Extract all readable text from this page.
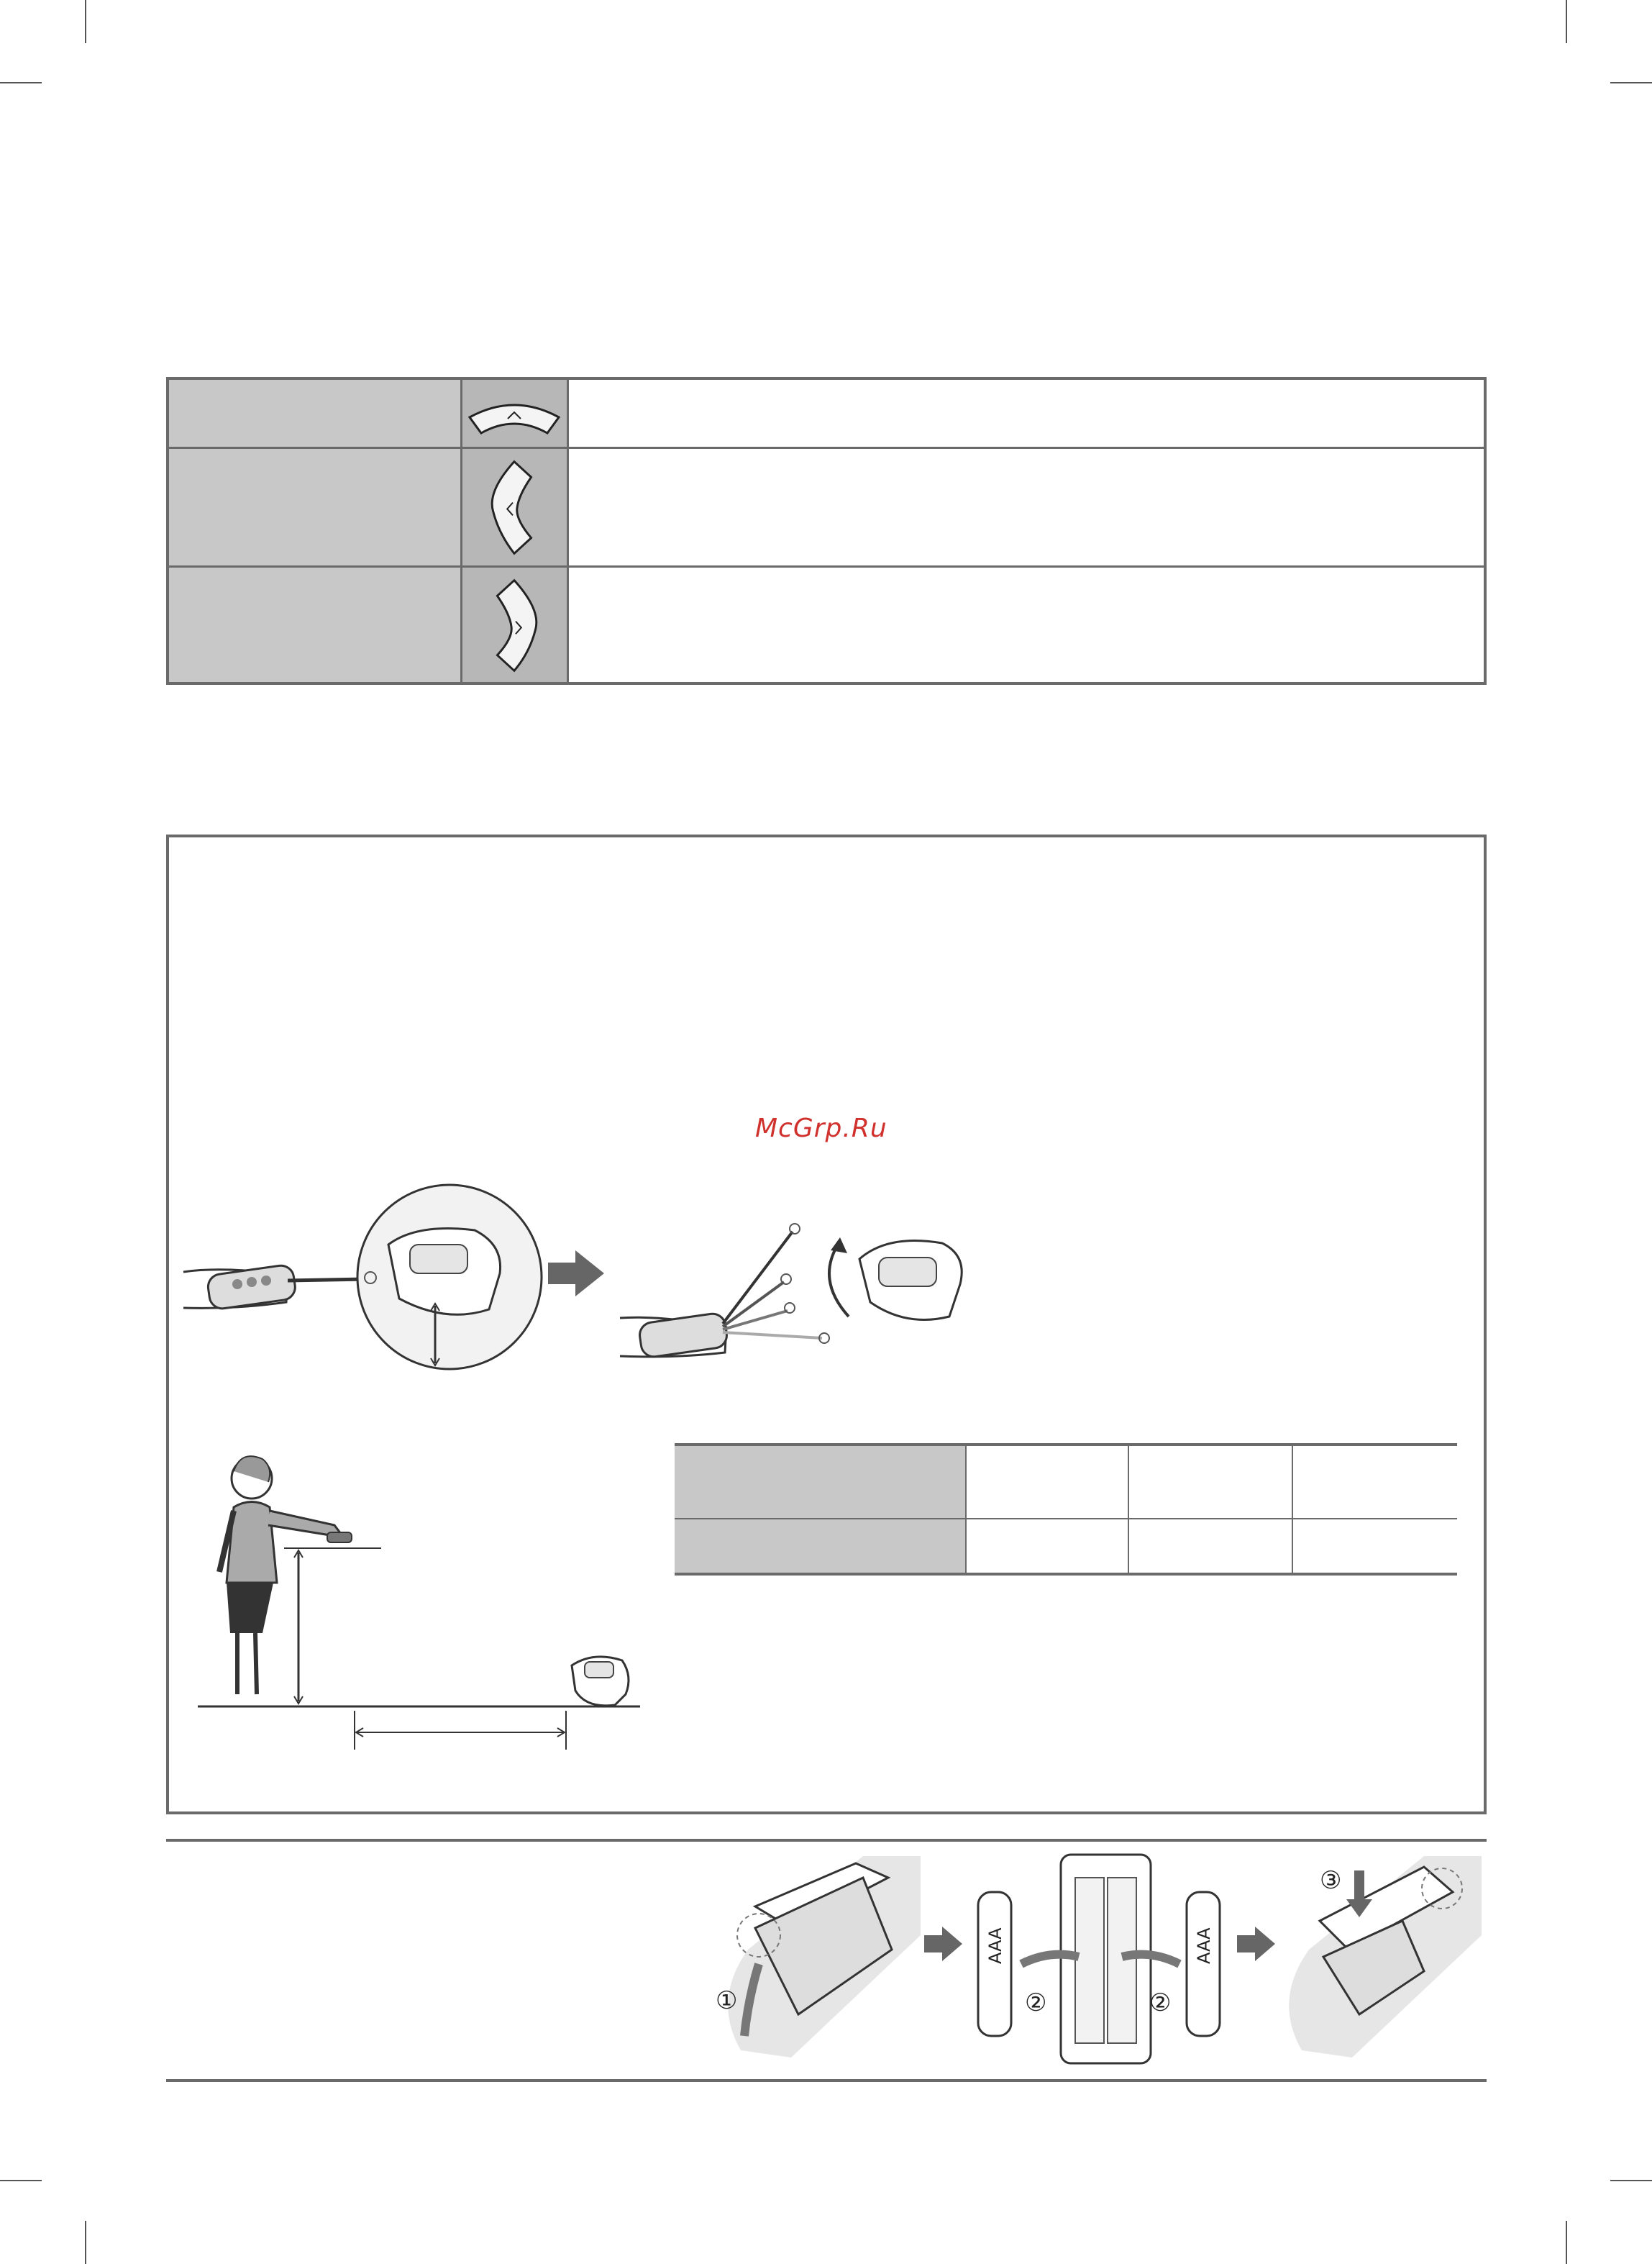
McGrp.Ru
①
AAA	AAA
②	②
③
